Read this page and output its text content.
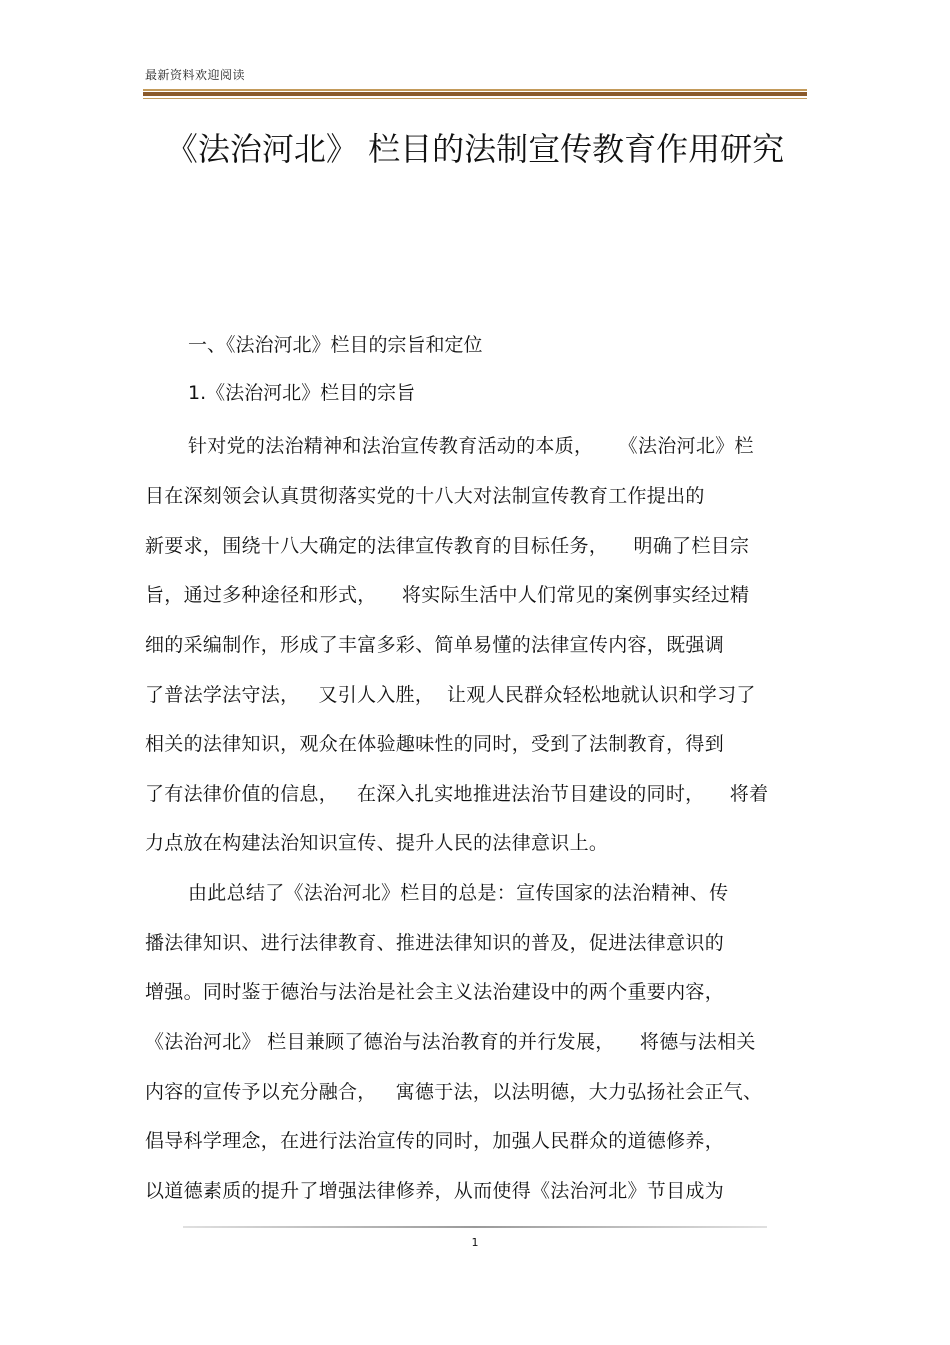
最新资料欢迎阅读
《法治河北》 栏目的法制宣传教育作用研究
一、《法治河北》栏目的宗旨和定位
1.《法治河北》栏目的宗旨
针对党的法治精神和法治宣传教育活动的本质，    《法治河北》栏
目在深刻领会认真贯彻落实党的十八大对法制宣传教育工作提出的
新要求，围绕十八大确定的法律宣传教育的目标任务，    明确了栏目宗
旨，通过多种途径和形式，    将实际生活中人们常见的案例事实经过精
细的采编制作，形成了丰富多彩、简单易懂的法律宣传内容，既强调
了普法学法守法，   又引人入胜，  让观人民群众轻松地就认识和学习了
相关的法律知识，观众在体验趣味性的同时，受到了法制教育，得到
了有法律价值的信息，   在深入扎实地推进法治节目建设的同时，    将着
力点放在构建法治知识宣传、提升人民的法律意识上。
由此总结了《法治河北》栏目的总是：宣传国家的法治精神、传
播法律知识、进行法律教育、推进法律知识的普及，促进法律意识的
增强。同时鉴于德治与法治是社会主义法治建设中的两个重要内容，
《法治河北》 栏目兼顾了德治与法治教育的并行发展，    将德与法相关
内容的宣传予以充分融合，   寓德于法，以法明德，大力弘扬社会正气、
倡导科学理念，在进行法治宣传的同时，加强人民群众的道德修养，
以道德素质的提升了增强法律修养，从而使得《法治河北》节目成为
1
